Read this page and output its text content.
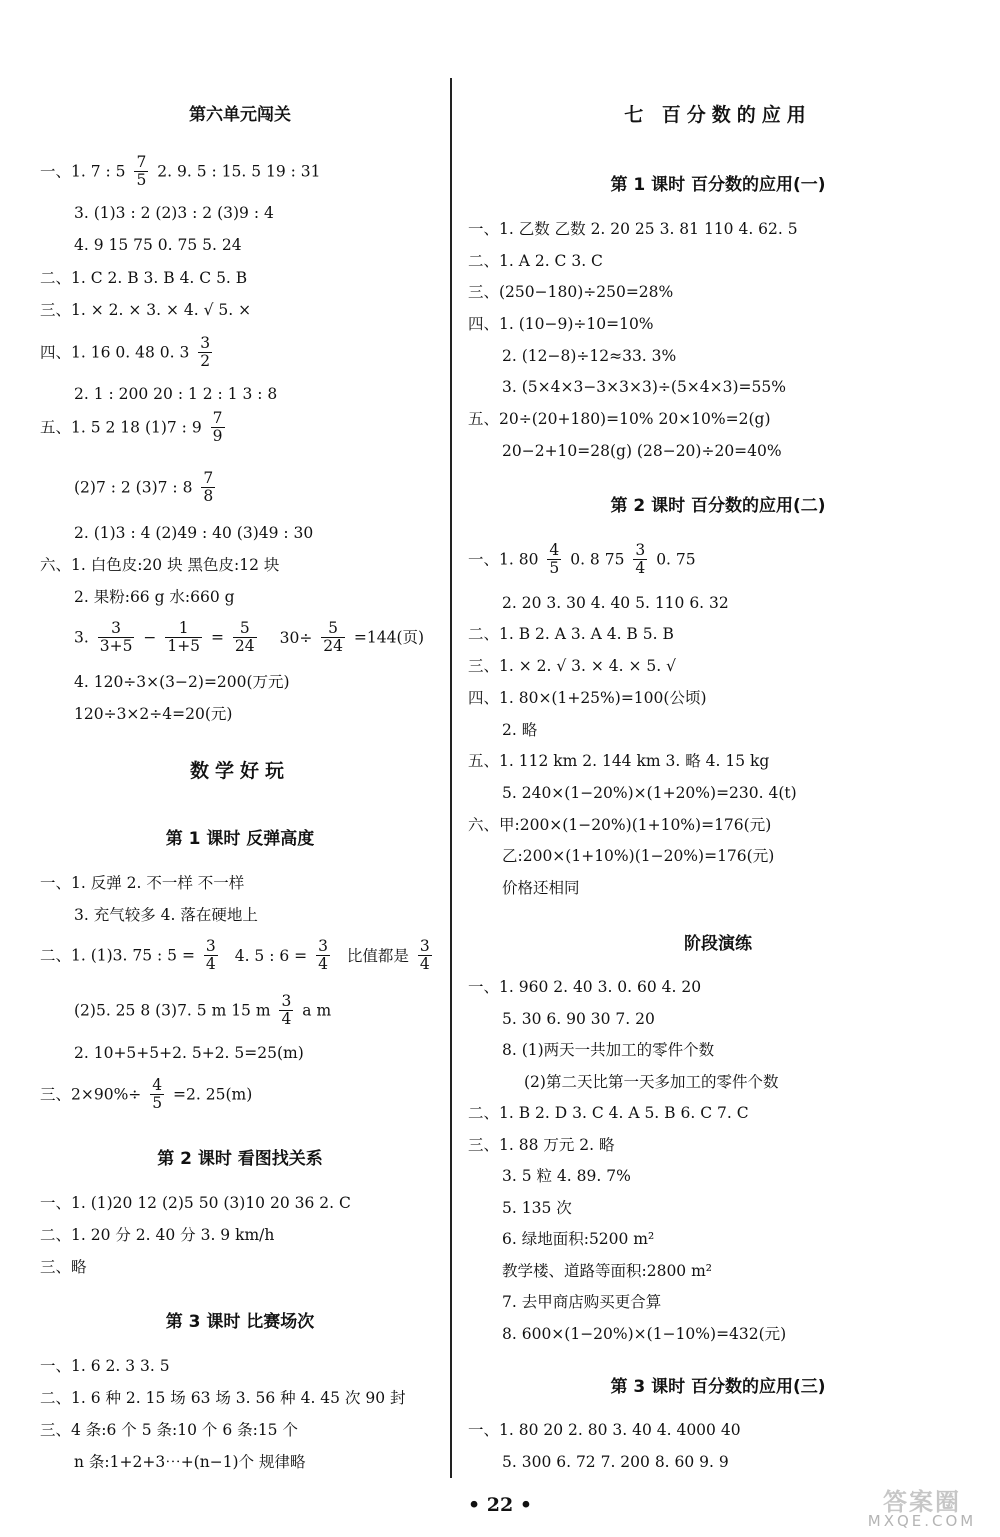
第六单元闯关
一、1. 7 : $5 \frac{7}{5} 2$. 9. 5 : 15. 5 19 : 31
3. (1)3 : 2 (2)3 : 2 (3)9 : 4
4. 9 15 75 0. 75 5. 24
二、1. C 2. B 3. B 4. C 5. B
三、1. × 2. × 3. × 4. √ 5. ×
四、1. 16 0. 48 0. $3 \frac{3}{2}$
2. 1 : 200 20 : 1 2 : 1 3 : 8
五、1. 5 2 18 (1)7 : $9 \frac{7}{9}$
(2)7 : 2 (3)7 : $8 \frac{7}{8}$
2. (1)3 : 4 (2)49 : 40 (3)49 : 30
六、1. 白色皮:20 块 黑色皮:12 块
2. 果粉:66 g 水:660 g
3. $\frac{3}{3+5} - \frac{1}{1+5} = \frac{5}{24} 30\div \frac{5}{24} =144$(页)
4. 120÷3×(3−2)=200(万元)
120÷3×2÷4=20(元)
数学好玩
第 1 课时 反弹高度
一、1. 反弹 2. 不一样 不一样
3. 充气较多 4. 落在硬地上
二、1. (1)3. 75 : $5 = \frac{3}{4} 4$. 5 : $6 = \frac{3}{4}$ 比值都是 $\frac{3}{4}$
(2)5. 25 8 (3)7. 5 m 15 m $\frac{3}{4}$ a m
2. 10+5+5+2. 5+2. 5=25(m)
三、$2\times 90\%\div \frac{4}{5} =2$. 25(m)
第 2 课时 看图找关系
一、1. (1)20 12 (2)5 50 (3)10 20 36 2. C
二、1. 20 分 2. 40 分 3. 9 km/h
三、略
第 3 课时 比赛场次
一、1. 6 2. 3 3. 5
二、1. 6 种 2. 15 场 63 场 3. 56 种 4. 45 次 90 封
三、4 条:6 个 5 条:10 个 6 条:15 个
n 条:1+2+3⋯+(n−1)个 规律略
七 百分数的应用
第 1 课时 百分数的应用(一)
一、1. 乙数 乙数 2. 20 25 3. 81 110 4. 62. 5
二、1. A 2. C 3. C
三、(250−180)÷250=28%
四、1. (10−9)÷10=10%
2. (12−8)÷12≈33. 3%
3. (5×4×3−3×3×3)÷(5×4×3)=55%
五、20÷(20+180)=10% 20×10%=2(g)
20−2+10=28(g) (28−20)÷20=40%
第 2 课时 百分数的应用(二)
一、1. $80 \frac{4}{5} 0$. 8 $75 \frac{3}{4} 0$. 75
2. 20 3. 30 4. 40 5. 110 6. 32
二、1. B 2. A 3. A 4. B 5. B
三、1. × 2. √ 3. × 4. × 5. √
四、1. 80×(1+25%)=100(公顷)
2. 略
五、1. 112 km 2. 144 km 3. 略 4. 15 kg
5. 240×(1−20%)×(1+20%)=230. 4(t)
六、甲:200×(1−20%)(1+10%)=176(元)
乙:200×(1+10%)(1−20%)=176(元)
价格还相同
阶段演练
一、1. 960 2. 40 3. 0. 60 4. 20
5. 30 6. 90 30 7. 20
8. (1)两天一共加工的零件个数
(2)第二天比第一天多加工的零件个数
二、1. B 2. D 3. C 4. A 5. B 6. C 7. C
三、1. 88 万元 2. 略
3. 5 粒 4. 89. 7%
5. 135 次
6. 绿地面积:5200 m²
教学楼、道路等面积:2800 m²
7. 去甲商店购买更合算
8. 600×(1−20%)×(1−10%)=432(元)
第 3 课时 百分数的应用(三)
一、1. 80 20 2. 80 3. 40 4. 4000 40
5. 300 6. 72 7. 200 8. 60 9. 9
• 22 •	答案圈
MXQE.COM
